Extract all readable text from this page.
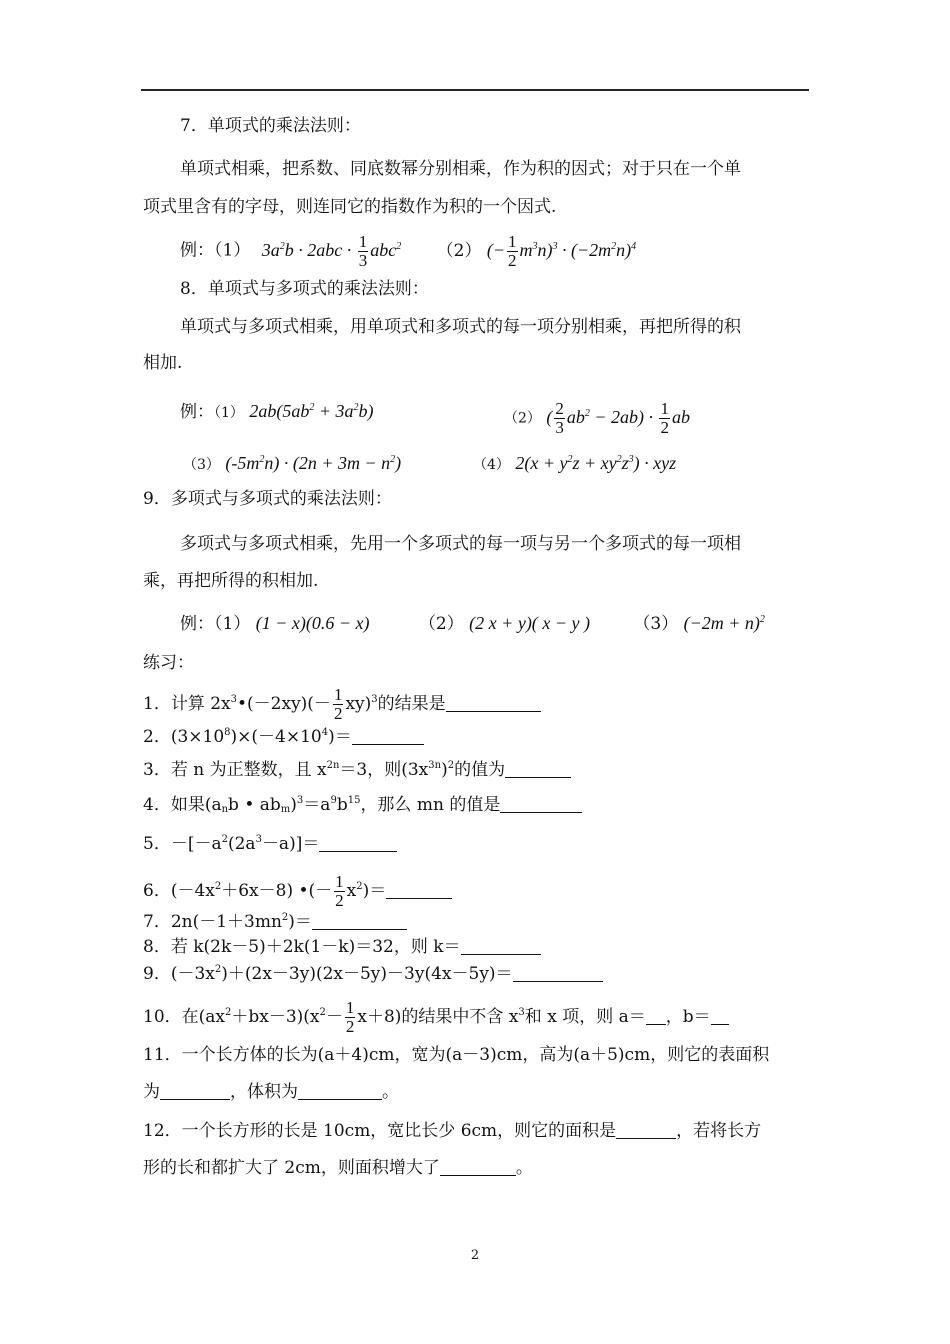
7．单项式的乘法法则：
单项式相乘，把系数、同底数幂分别相乘，作为积的因式；对于只在一个单
项式里含有的字母，则连同它的指数作为积的一个因式.
例：（1） $3a^2b \cdot 2abc \cdot \frac{1}{3} abc^2$ （2） (− $\frac{1}{2} m^3n)^3 \cdot (-2m^2n)^4$
8．单项式与多项式的乘法法则：
单项式与多项式相乘，用单项式和多项式的每一项分别相乘，再把所得的积
相加.
例：（1） $2ab(5ab^2 + 3a^2b)$	（2） ( $\frac{2}{3} ab^2 - 2ab) \cdot \frac{1}{2}$ ab
（3） $(-5m^2n) \cdot (2n + 3m - n^2)$	（4） $2(x + y^2z + xy^2z^3)$ · xyz
9．多项式与多项式的乘法法则：
多项式与多项式相乘，先用一个多项式的每一项与另一个多项式的每一项相
乘，再把所得的积相加.
例：（1） (1 − x)(0.6 − x)	（2） (2 x + y)( x − y )	（3） $(-2m + n)^2$
练习：
1．计算 $2x^3•(-2xy)(- \frac{1}{2} xy)^3$的结果是
2．$(3\times 10^8)\times(-4\times 10^4)=$
3．若 n 为正整数，且 $x^{2n}=3$，则$(3x^{3n})^2$的值为
4．如果($a_nb$ • $ab_m)^3=a^9b^{15}$，那么 mn 的值是
5．$-[-a^2(2a^3-a)]=$
6．$(-4x^2+6x-8)$ •(－ $\frac{1}{2} x^2)=$
7．$2n(-1+3mn^2)=$
8．若 k(2k－5)＋2k(1－k)＝32，则 k＝
9．$(-3x^2)+(2x-3y)(2x-5y)-3y(4x-5y)=$
10．在$(ax^2+bx-3)(x^2- \frac{1}{2} x+8)$的结果中不含 $x^3$和 x 项，则 a＝ ，b＝
11．一个长方体的长为(a＋4)cm，宽为(a－3)cm，高为(a＋5)cm，则它的表面积
为	，体积为	。
12．一个长方形的长是 10cm，宽比长少 6cm，则它的面积是	，若将长方
形的长和都扩大了 2cm，则面积增大了	。
2
